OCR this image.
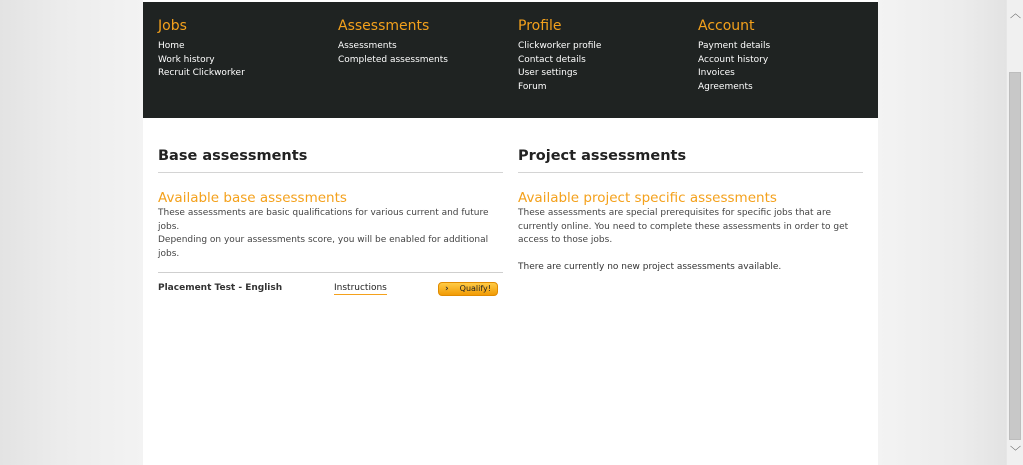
Jobs
Home
Work history
Recruit Clickworker
Assessments
Assessments
Completed assessments
Profile
Clickworker profile
Contact details
User settings
Forum
Account
Payment details
Account history
Invoices
Agreements
Base assessments
Available base assessments

These assessments are basic qualifications for various current and future jobs.

Depending on your assessments score, you will be enabled for additional jobs.

Placement Test - English	Instructions	› Qualify!
Project assessments
Available project specific assessments

These assessments are special prerequisites for specific jobs that are currently online. You need to complete these assessments in order to get access to those jobs.

There are currently no new project assessments available.
︿
﹀
